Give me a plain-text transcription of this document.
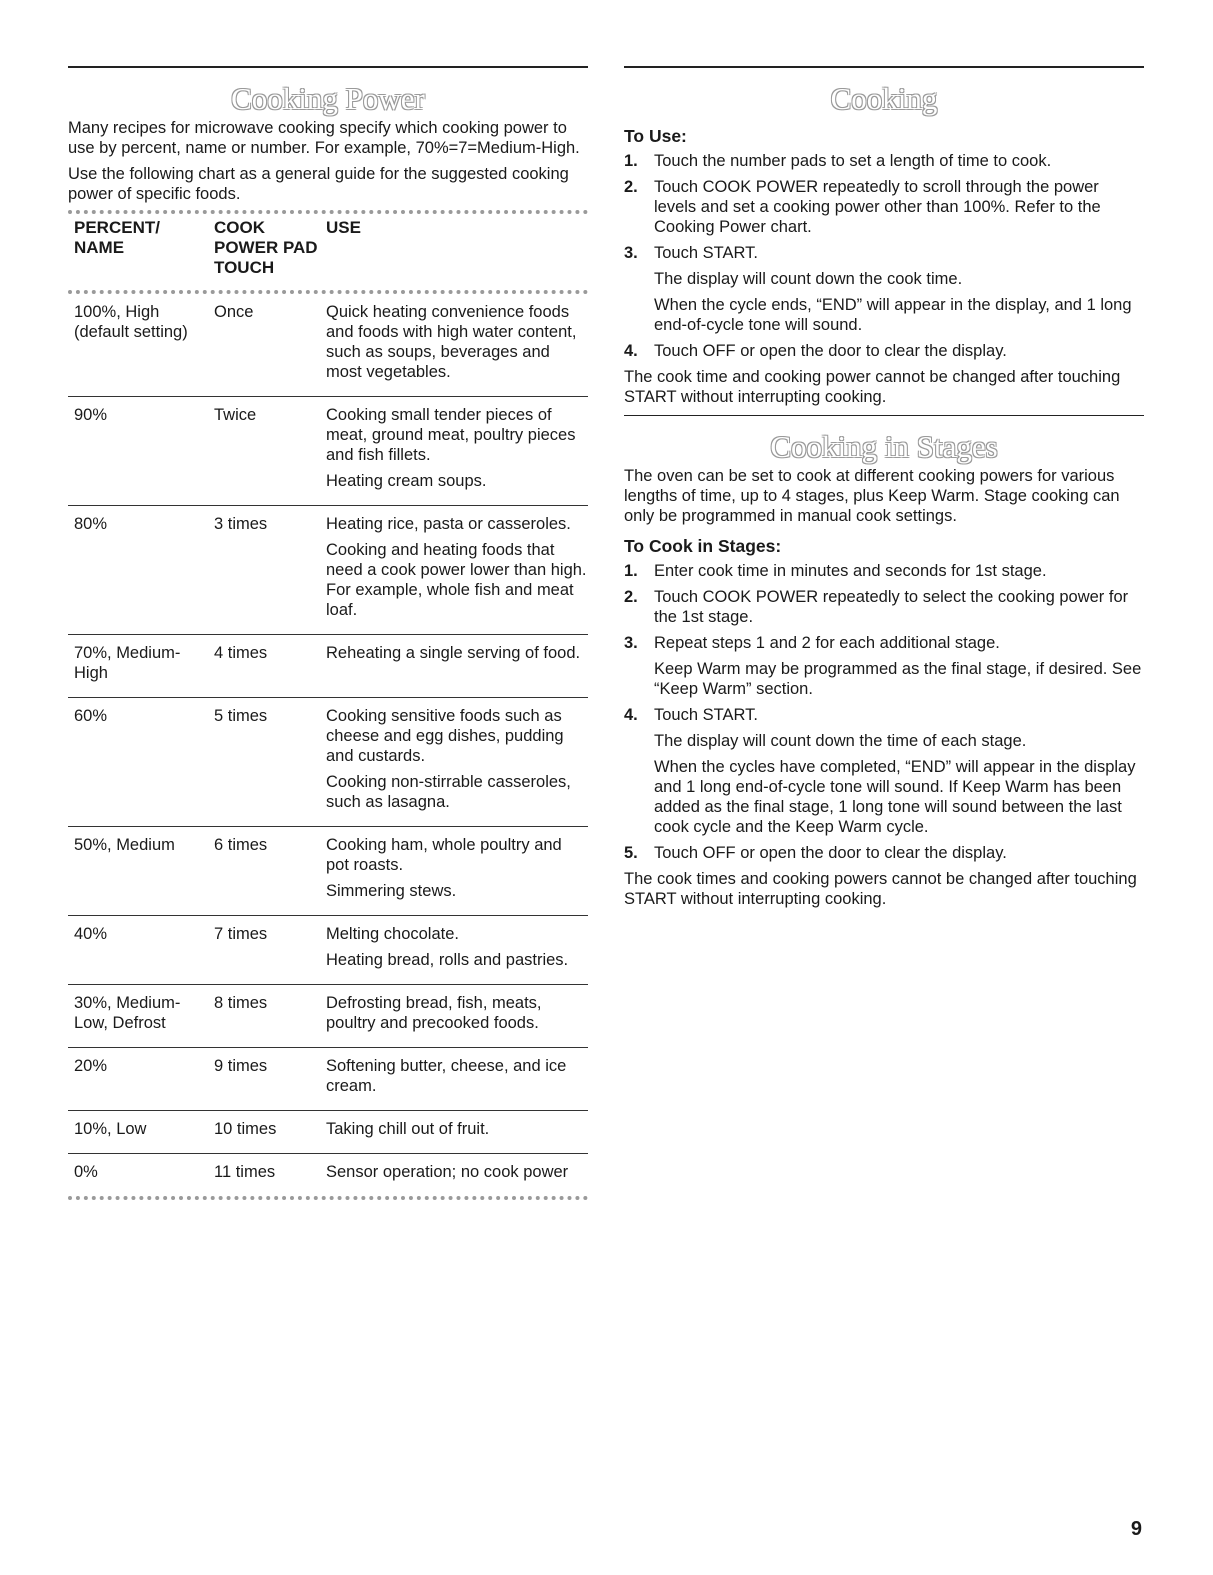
Cooking Power

Many recipes for microwave cooking specify which cooking power to use by percent, name or number. For example, 70%=7=Medium-High.

Use the following chart as a general guide for the suggested cooking power of specific foods.

PERCENT/ NAME	COOK POWER PAD TOUCH	USE

100%, High (default setting)	Once	Quick heating convenience foods and foods with high water content, such as soups, beverages and most vegetables.

90%	Twice	Cooking small tender pieces of meat, ground meat, poultry pieces and fish fillets.
Heating cream soups.

80%	3 times	Heating rice, pasta or casseroles.
Cooking and heating foods that need a cook power lower than high. For example, whole fish and meat loaf.

70%, Medium-High	4 times	Reheating a single serving of food.

60%	5 times	Cooking sensitive foods such as cheese and egg dishes, pudding and custards.
Cooking non-stirrable casseroles, such as lasagna.

50%, Medium	6 times	Cooking ham, whole poultry and pot roasts.
Simmering stews.

40%	7 times	Melting chocolate.
Heating bread, rolls and pastries.

30%, Medium-Low, Defrost	8 times	Defrosting bread, fish, meats, poultry and precooked foods.

20%	9 times	Softening butter, cheese, and ice cream.

10%, Low	10 times	Taking chill out of fruit.

0%	11 times	Sensor operation; no cook power
Cooking
To Use:
1. Touch the number pads to set a length of time to cook.
2. Touch COOK POWER repeatedly to scroll through the power levels and set a cooking power other than 100%. Refer to the Cooking Power chart.
3. Touch START.
The display will count down the cook time.
When the cycle ends, “END” will appear in the display, and 1 long end-of-cycle tone will sound.
4. Touch OFF or open the door to clear the display.

The cook time and cooking power cannot be changed after touching START without interrupting cooking.

Cooking in Stages

The oven can be set to cook at different cooking powers for various lengths of time, up to 4 stages, plus Keep Warm. Stage cooking can only be programmed in manual cook settings.

To Cook in Stages:
1. Enter cook time in minutes and seconds for 1st stage.
2. Touch COOK POWER repeatedly to select the cooking power for the 1st stage.
3. Repeat steps 1 and 2 for each additional stage.
Keep Warm may be programmed as the final stage, if desired. See “Keep Warm” section.
4. Touch START.
The display will count down the time of each stage.
When the cycles have completed, “END” will appear in the display and 1 long end-of-cycle tone will sound. If Keep Warm has been added as the final stage, 1 long tone will sound between the last cook cycle and the Keep Warm cycle.
5. Touch OFF or open the door to clear the display.

The cook times and cooking powers cannot be changed after touching START without interrupting cooking.

9
